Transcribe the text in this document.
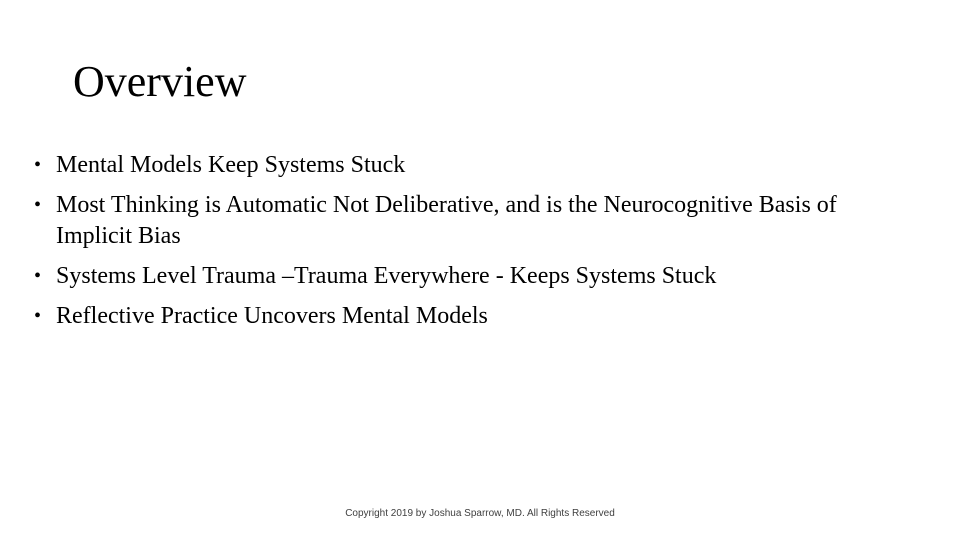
Overview
• Mental Models Keep Systems Stuck
• Most Thinking is Automatic Not Deliberative, and is the Neurocognitive Basis of Implicit Bias
• Systems Level Trauma –Trauma Everywhere - Keeps Systems Stuck
• Reflective Practice Uncovers Mental Models
Copyright 2019 by Joshua Sparrow, MD. All Rights Reserved
